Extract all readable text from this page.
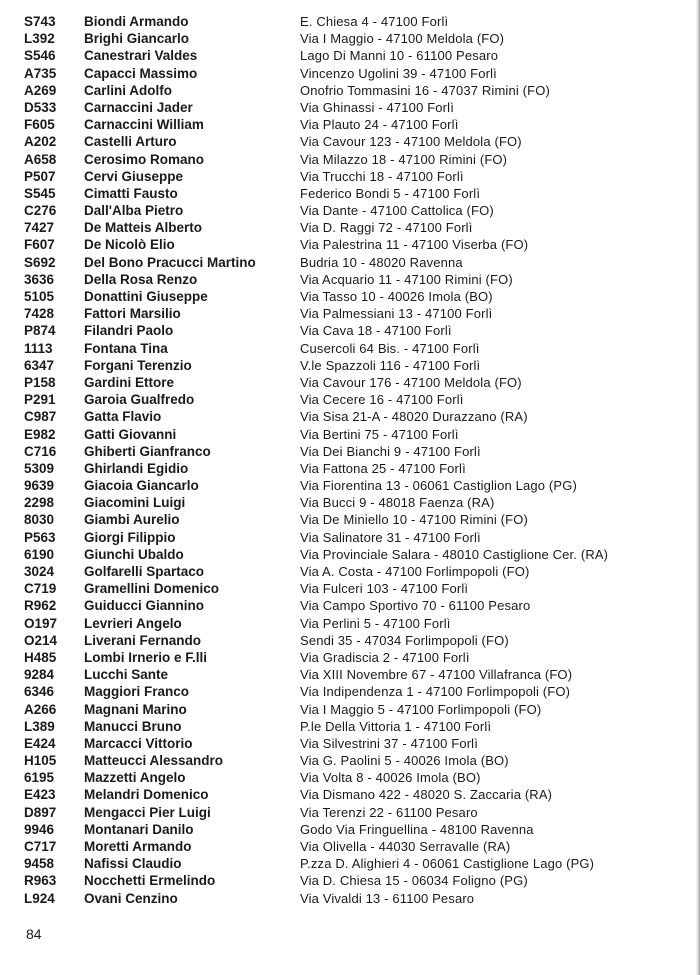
S743	Biondi Armando	E. Chiesa 4 - 47100 Forlì
L392	Brighi Giancarlo	Via I Maggio - 47100 Meldola (FO)
S546	Canestrari Valdes	Lago Di Manni 10 - 61100 Pesaro
A735	Capacci Massimo	Vincenzo Ugolini 39 - 47100 Forlì
A269	Carlini Adolfo	Onofrio Tommasini 16 - 47037 Rimini (FO)
D533	Carnaccini Jader	Via Ghinassi - 47100 Forlì
F605	Carnaccini William	Via Plauto 24 - 47100 Forlì
A202	Castelli Arturo	Via Cavour 123 - 47100 Meldola (FO)
A658	Cerosimo Romano	Via Milazzo 18 - 47100 Rimini (FO)
P507	Cervi Giuseppe	Via Trucchi 18 - 47100 Forlì
S545	Cimatti Fausto	Federico Bondi 5 - 47100 Forlì
C276	Dall'Alba Pietro	Via Dante - 47100 Cattolica (FO)
7427	De Matteis Alberto	Via D. Raggi 72 - 47100 Forlì
F607	De Nicolò Elio	Via Palestrina 11 - 47100 Viserba (FO)
S692	Del Bono Pracucci Martino	Budria 10 - 48020 Ravenna
3636	Della Rosa Renzo	Via Acquario 11 - 47100 Rimini (FO)
5105	Donattini Giuseppe	Via Tasso 10 - 40026 Imola (BO)
7428	Fattori Marsilio	Via Palmessiani 13 - 47100 Forlì
P874	Filandri Paolo	Via Cava 18 - 47100 Forlì
1113	Fontana Tina	Cusercoli 64 Bis. - 47100 Forlì
6347	Forgani Terenzio	V.le Spazzoli 116 - 47100 Forlì
P158	Gardini Ettore	Via Cavour 176 - 47100 Meldola (FO)
P291	Garoia Gualfredo	Via Cecere 16 - 47100 Forlì
C987	Gatta Flavio	Via Sisa 21-A - 48020 Durazzano (RA)
E982	Gatti Giovanni	Via Bertini 75 - 47100 Forlì
C716	Ghiberti Gianfranco	Via Dei Bianchi 9 - 47100 Forlì
5309	Ghirlandi Egidio	Via Fattona 25 - 47100 Forlì
9639	Giacoia Giancarlo	Via Fiorentina 13 - 06061 Castiglion Lago (PG)
2298	Giacomini Luigi	Via Bucci 9 - 48018 Faenza (RA)
8030	Giambi Aurelio	Via De Miniello 10 - 47100 Rimini (FO)
P563	Giorgi Filippio	Via Salinatore 31 - 47100 Forlì
6190	Giunchi Ubaldo	Via Provinciale Salara - 48010 Castiglione Cer. (RA)
3024	Golfarelli Spartaco	Via A. Costa - 47100 Forlimpopoli (FO)
C719	Gramellini Domenico	Via Fulceri 103 - 47100 Forlì
R962	Guiducci Giannino	Via Campo Sportivo 70 - 61100 Pesaro
O197	Levrieri Angelo	Via Perlini 5 - 47100 Forlì
O214	Liverani Fernando	Sendi 35 - 47034 Forlimpopoli (FO)
H485	Lombi Irnerio e F.lli	Via Gradiscia 2 - 47100 Forlì
9284	Lucchi Sante	Via XIII Novembre 67 - 47100 Villafranca (FO)
6346	Maggiori Franco	Via Indipendenza 1 - 47100 Forlimpopoli (FO)
A266	Magnani Marino	Via I Maggio 5 - 47100 Forlimpopoli (FO)
L389	Manucci Bruno	P.le Della Vittoria 1 - 47100 Forlì
E424	Marcacci Vittorio	Via Silvestrini 37 - 47100 Forlì
H105	Matteucci Alessandro	Via G. Paolini 5 - 40026 Imola (BO)
6195	Mazzetti Angelo	Via Volta 8 - 40026 Imola (BO)
E423	Melandri Domenico	Via Dismano 422 - 48020 S. Zaccaria (RA)
D897	Mengacci Pier Luigi	Via Terenzi 22 - 61100 Pesaro
9946	Montanari Danilo	Godo Via Fringuellina - 48100 Ravenna
C717	Moretti Armando	Via Olivella - 44030 Serravalle (RA)
9458	Nafissi Claudio	P.zza D. Alighieri 4 - 06061 Castiglione Lago (PG)
R963	Nocchetti Ermelindo	Via D. Chiesa 15 - 06034 Foligno (PG)
L924	Ovani Cenzino	Via Vivaldi 13 - 61100 Pesaro
84
